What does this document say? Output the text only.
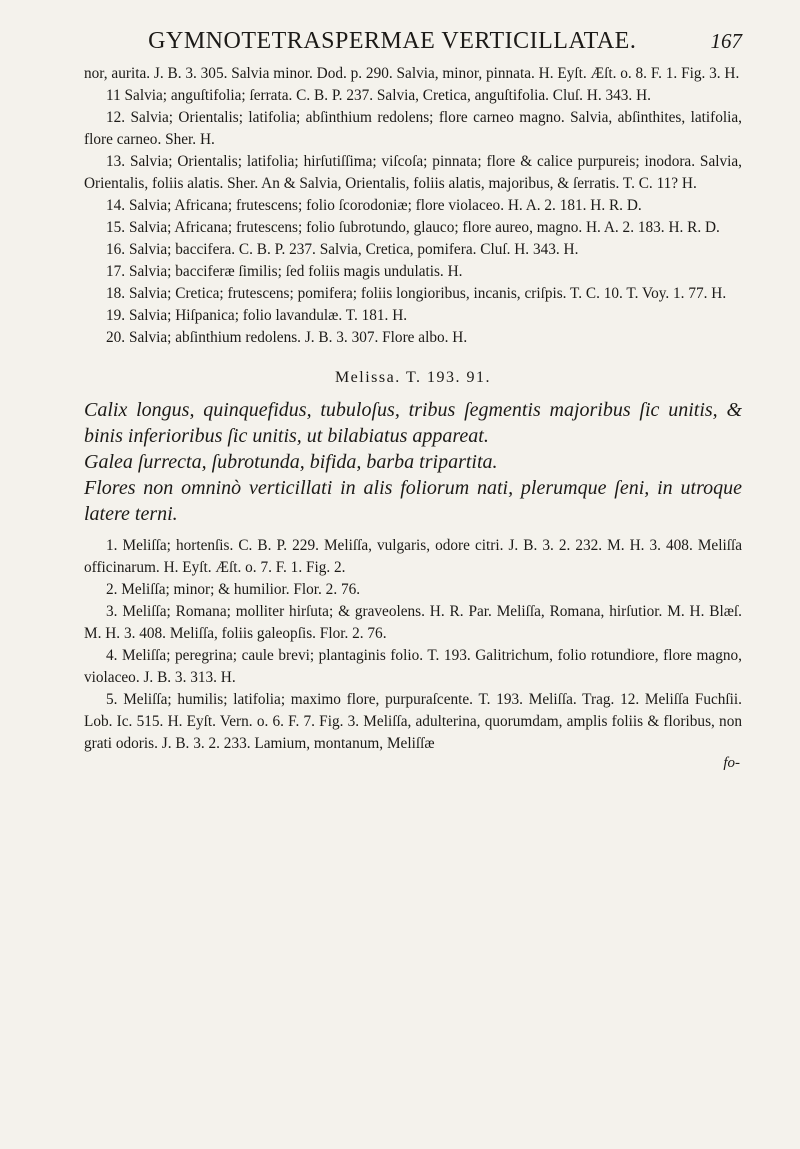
GYMNOTETRASPERMAE VERTICILLATAE.	167

nor, aurita. J. B. 3. 305. Salvia minor. Dod. p. 290. Salvia, minor, pinnata. H. Eyſt. Æſt. o. 8. F. 1. Fig. 3. H.

11 Salvia; anguſtifolia; ſerrata. C. B. P. 237. Salvia, Cretica, anguſtifolia. Cluſ. H. 343. H.

12. Salvia; Orientalis; latifolia; abſinthium redolens; flore carneo magno. Salvia, abſinthites, latifolia, flore carneo. Sher. H.

13. Salvia; Orientalis; latifolia; hirſutiſſima; viſcoſa; pinnata; flore & calice purpureis; inodora. Salvia, Orientalis, foliis alatis. Sher. An & Salvia, Orientalis, foliis alatis, majoribus, & ſerratis. T. C. 11? H.

14. Salvia; Africana; frutescens; folio ſcorodoniæ; flore violaceo. H. A. 2. 181. H. R. D.

15. Salvia; Africana; frutescens; folio ſubrotundo, glauco; flore aureo, magno. H. A. 2. 183. H. R. D.

16. Salvia; baccifera. C. B. P. 237. Salvia, Cretica, pomifera. Cluſ. H. 343. H.

17. Salvia; bacciferæ ſimilis; ſed foliis magis undulatis. H.

18. Salvia; Cretica; frutescens; pomifera; foliis longioribus, incanis, criſpis. T. C. 10. T. Voy. 1. 77. H.

19. Salvia; Hiſpanica; folio lavandulæ. T. 181. H.

20. Salvia; abſinthium redolens. J. B. 3. 307. Flore albo. H.

Melissa. T. 193. 91.

Calix longus, quinquefidus, tubuloſus, tribus ſegmentis majoribus ſic unitis, & binis inferioribus ſic unitis, ut bilabiatus appareat.

Galea ſurrecta, ſubrotunda, bifida, barba tripartita.

Flores non omninò verticillati in alis foliorum nati, plerumque ſeni, in utroque latere terni.

1. Meliſſa; hortenſis. C. B. P. 229. Meliſſa, vulgaris, odore citri. J. B. 3. 2. 232. M. H. 3. 408. Meliſſa officinarum. H. Eyſt. Æſt. o. 7. F. 1. Fig. 2.

2. Meliſſa; minor; & humilior. Flor. 2. 76.

3. Meliſſa; Romana; molliter hirſuta; & graveolens. H. R. Par. Meliſſa, Romana, hirſutior. M. H. Blæſ. M. H. 3. 408. Meliſſa, foliis galeopſis. Flor. 2. 76.

4. Meliſſa; peregrina; caule brevi; plantaginis folio. T. 193. Galitrichum, folio rotundiore, flore magno, violaceo. J. B. 3. 313. H.

5. Meliſſa; humilis; latifolia; maximo flore, purpuraſcente. T. 193. Meliſſa. Trag. 12. Meliſſa Fuchſii. Lob. Ic. 515. H. Eyſt. Vern. o. 6. F. 7. Fig. 3. Meliſſa, adulterina, quorumdam, amplis foliis & floribus, non grati odoris. J. B. 3. 2. 233. Lamium, montanum, Meliſſæ

fo-
